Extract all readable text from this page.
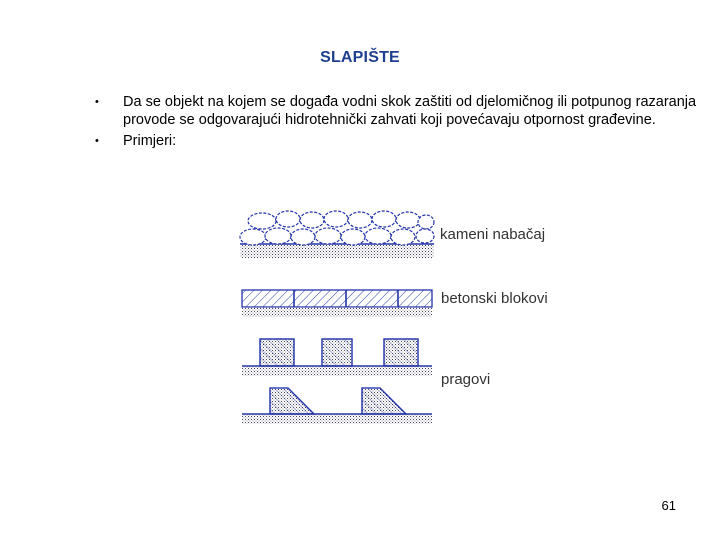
SLAPIŠTE
•	Da se objekt na kojem se događa vodni skok zaštiti od djelomičnog ili potpunog razaranja provode se odgovarajući hidrotehnički zahvati koji povećavaju otpornost građevine.
•	Primjeri:
kameni nabačaj
betonski blokovi
pragovi
61
